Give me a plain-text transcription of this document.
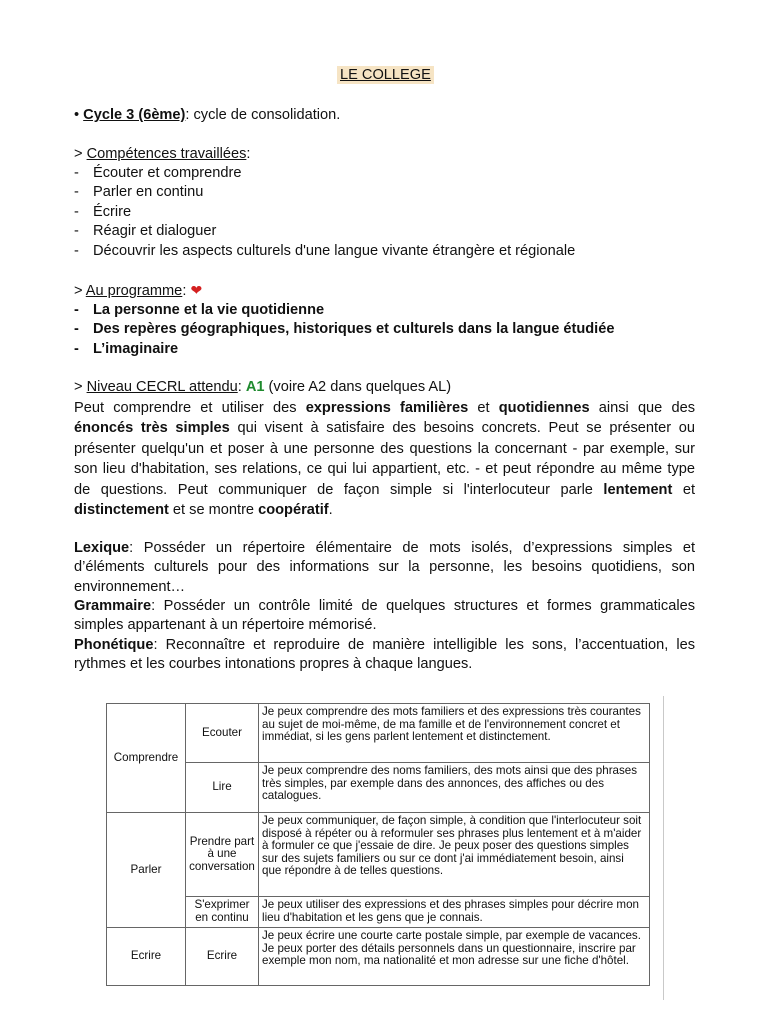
LE COLLEGE
• Cycle 3 (6ème): cycle de consolidation.
> Compétences travaillées:
- Écouter et comprendre
- Parler en continu
- Écrire
- Réagir et dialoguer
- Découvrir les aspects culturels d'une langue vivante étrangère et régionale
> Au programme: ❤
- La personne et la vie quotidienne
- Des repères géographiques, historiques et culturels dans la langue étudiée
- L’imaginaire
> Niveau CECRL attendu: A1 (voire A2 dans quelques AL)
Peut comprendre et utiliser des expressions familières et quotidiennes ainsi que des énoncés très simples qui visent à satisfaire des besoins concrets. Peut se présenter ou présenter quelqu'un et poser à une personne des questions la concernant - par exemple, sur son lieu d'habitation, ses relations, ce qui lui appartient, etc. - et peut répondre au même type de questions. Peut communiquer de façon simple si l'interlocuteur parle lentement et distinctement et se montre coopératif.
Lexique: Posséder un répertoire élémentaire de mots isolés, d’expressions simples et d’éléments culturels pour des informations sur la personne, les besoins quotidiens, son environnement…
Grammaire: Posséder un contrôle limité de quelques structures et formes grammaticales simples appartenant à un répertoire mémorisé.
Phonétique: Reconnaître et reproduire de manière intelligible les sons, l’accentuation, les rythmes et les courbes intonations propres à chaque langues.
Comprendre	Ecouter	Je peux comprendre des mots familiers et des expressions très courantes au sujet de moi-même, de ma famille et de l'environnement concret et immédiat, si les gens parlent lentement et distinctement.
	Lire	Je peux comprendre des noms familiers, des mots ainsi que des phrases très simples, par exemple dans des annonces, des affiches ou des catalogues.
Parler	Prendre part à une conversation	Je peux communiquer, de façon simple, à condition que l'interlocuteur soit disposé à répéter ou à reformuler ses phrases plus lentement et à m'aider à formuler ce que j'essaie de dire. Je peux poser des questions simples sur des sujets familiers ou sur ce dont j'ai immédiatement besoin, ainsi que répondre à de telles questions.
	S'exprimer en continu	Je peux utiliser des expressions et des phrases simples pour décrire mon lieu d'habitation et les gens que je connais.
Ecrire	Ecrire	Je peux écrire une courte carte postale simple, par exemple de vacances. Je peux porter des détails personnels dans un questionnaire, inscrire par exemple mon nom, ma nationalité et mon adresse sur une fiche d'hôtel.
